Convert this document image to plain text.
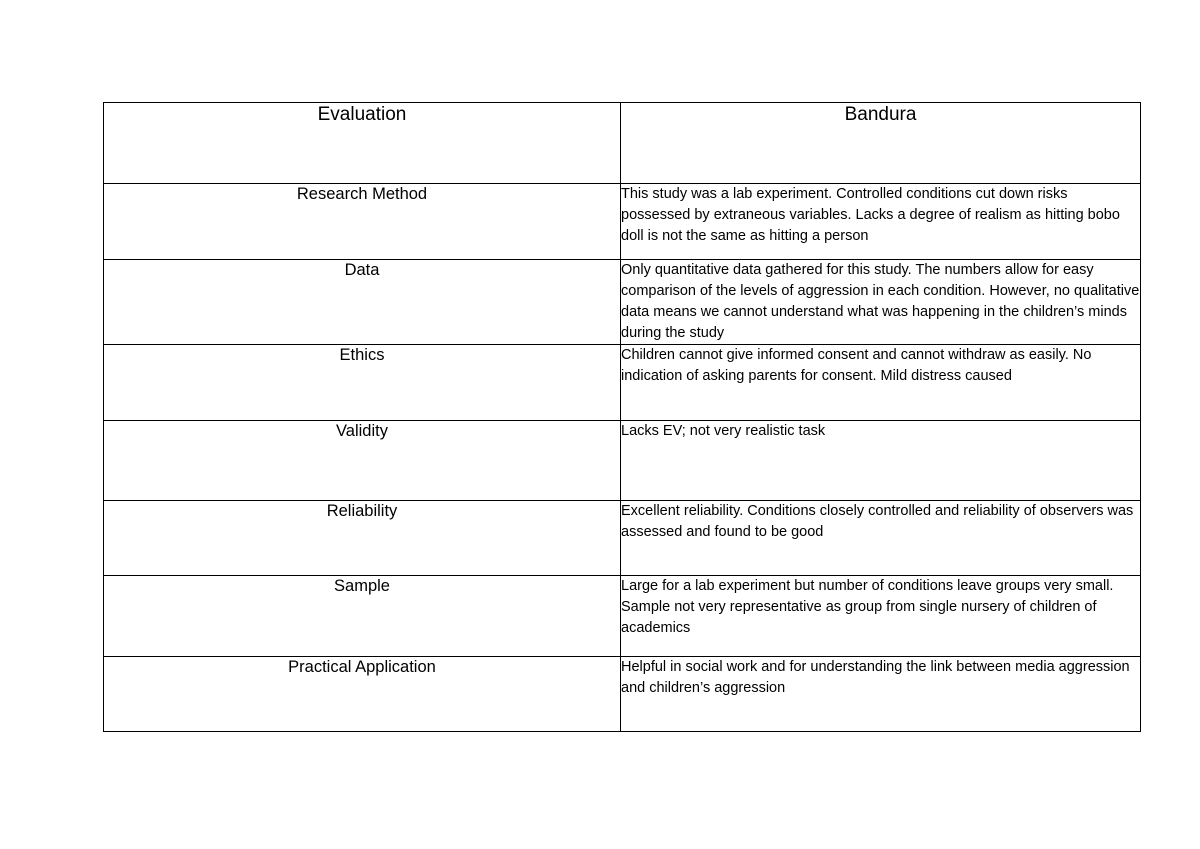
Evaluation	Bandura
Research Method	This study was a lab experiment. Controlled conditions cut down risks possessed by extraneous variables. Lacks a degree of realism as hitting bobo doll is not the same as hitting a person
Data	Only quantitative data gathered for this study. The numbers allow for easy comparison of the levels of aggression in each condition. However, no qualitative data means we cannot understand what was happening in the children’s minds during the study
Ethics	Children cannot give informed consent and cannot withdraw as easily. No indication of asking parents for consent. Mild distress caused
Validity	Lacks EV; not very realistic task
Reliability	Excellent reliability. Conditions closely controlled and reliability of observers was assessed and found to be good
Sample	Large for a lab experiment but number of conditions leave groups very small. Sample not very representative as group from single nursery of children of academics
Practical Application	Helpful in social work and for understanding the link between media aggression and children’s aggression
